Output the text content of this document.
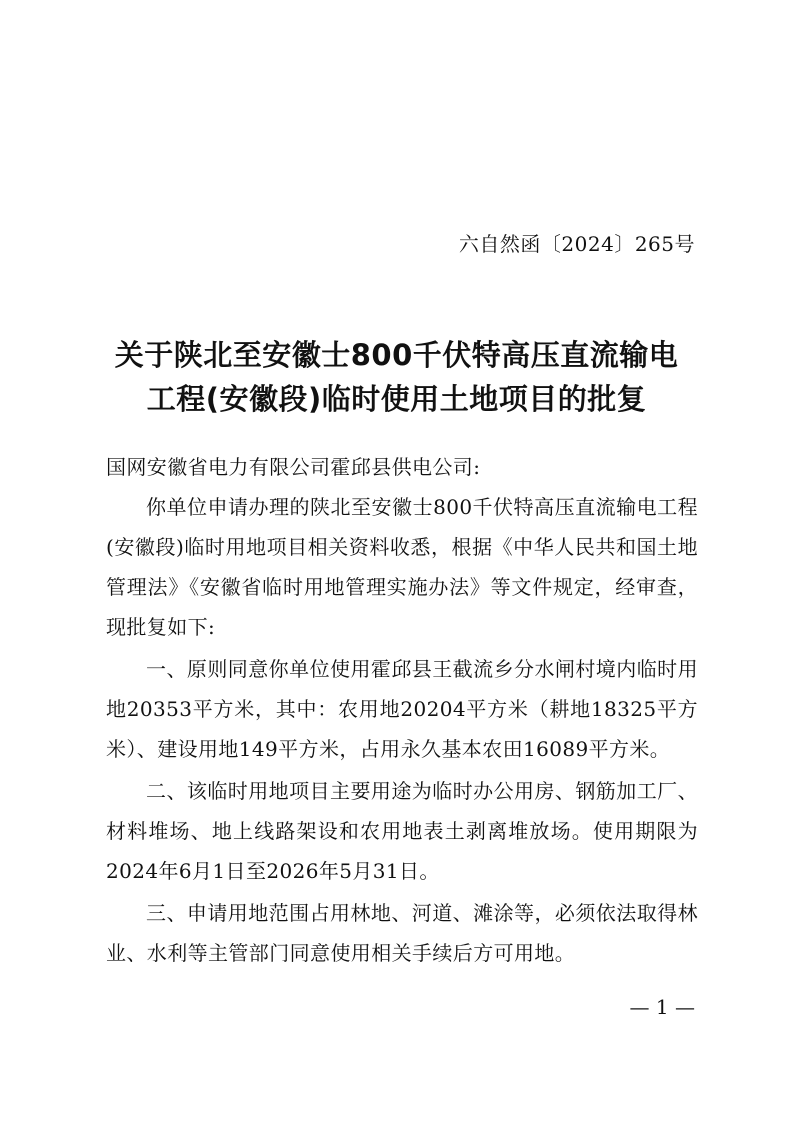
六自然函〔2024〕265号
关于陕北至安徽士800千伏特高压直流输电
工程(安徽段)临时使用土地项目的批复

国网安徽省电力有限公司霍邱县供电公司:

你单位申请办理的陕北至安徽士800千伏特高压直流输电工程(安徽段)临时用地项目相关资料收悉，根据《中华人民共和国土地管理法》《安徽省临时用地管理实施办法》等文件规定，经审查，现批复如下:

一、原则同意你单位使用霍邱县王截流乡分水闸村境内临时用地20353平方米，其中：农用地20204平方米（耕地18325平方米）、建设用地149平方米，占用永久基本农田16089平方米。

二、该临时用地项目主要用途为临时办公用房、钢筋加工厂、材料堆场、地上线路架设和农用地表土剥离堆放场。使用期限为2024年6月1日至2026年5月31日。

三、申请用地范围占用林地、河道、滩涂等，必须依法取得林业、水利等主管部门同意使用相关手续后方可用地。

— 1 —
